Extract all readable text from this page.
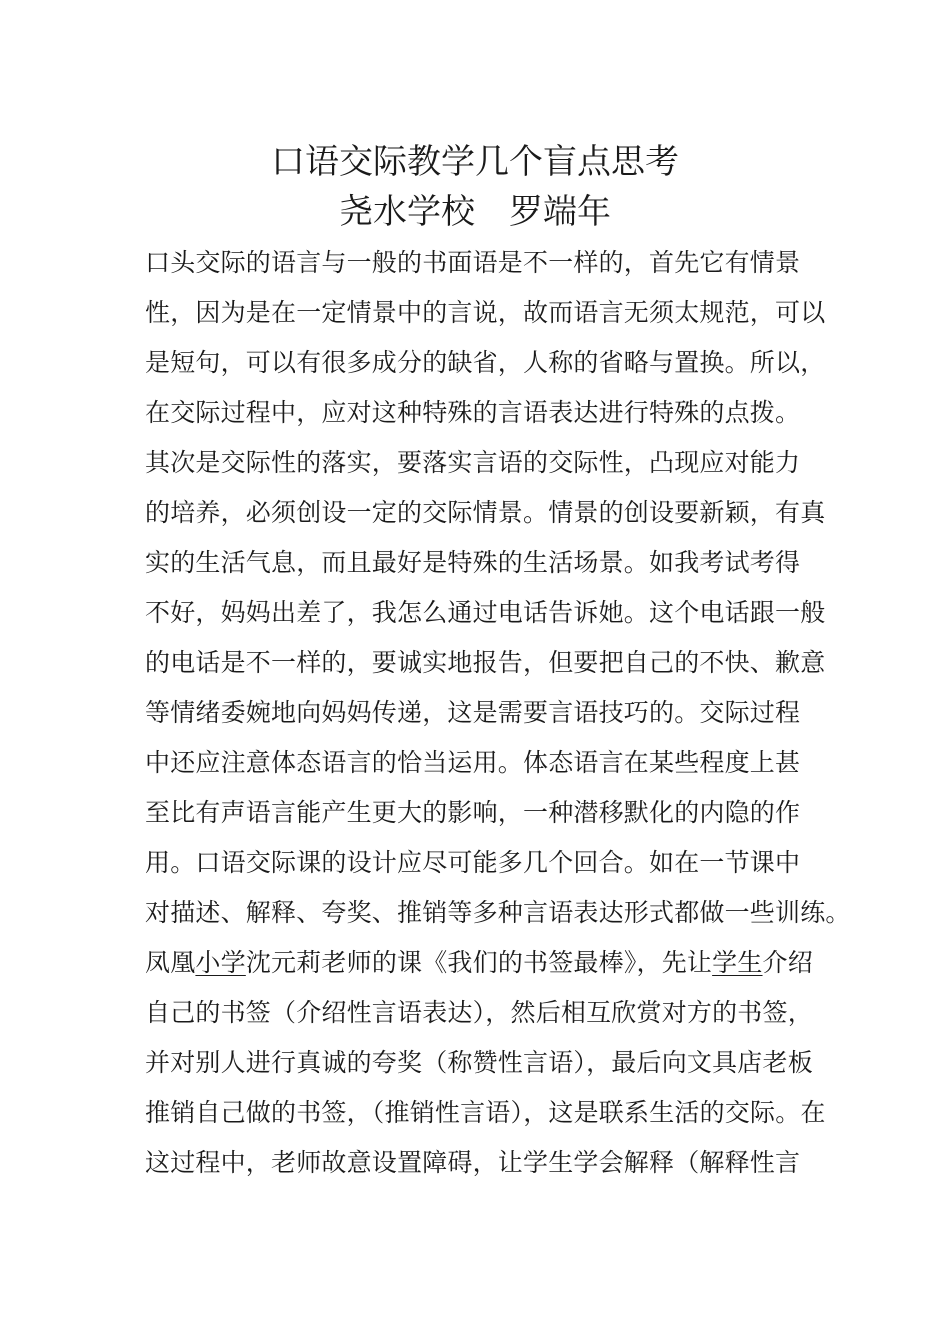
口语交际教学几个盲点思考
尧水学校　罗端年
口头交际的语言与一般的书面语是不一样的，首先它有情景
性，因为是在一定情景中的言说，故而语言无须太规范，可以
是短句，可以有很多成分的缺省，人称的省略与置换。所以，
在交际过程中，应对这种特殊的言语表达进行特殊的点拨。
其次是交际性的落实，要落实言语的交际性，凸现应对能力
的培养，必须创设一定的交际情景。情景的创设要新颖，有真
实的生活气息，而且最好是特殊的生活场景。如我考试考得
不好，妈妈出差了，我怎么通过电话告诉她。这个电话跟一般
的电话是不一样的，要诚实地报告，但要把自己的不快、歉意
等情绪委婉地向妈妈传递，这是需要言语技巧的。交际过程
中还应注意体态语言的恰当运用。体态语言在某些程度上甚
至比有声语言能产生更大的影响，一种潜移默化的内隐的作
用。口语交际课的设计应尽可能多几个回合。如在一节课中
对描述、解释、夸奖、推销等多种言语表达形式都做一些训练。
凤凰小学沈元莉老师的课《我们的书签最棒》，先让学生介绍
自己的书签（介绍性言语表达），然后相互欣赏对方的书签，
并对别人进行真诚的夸奖（称赞性言语），最后向文具店老板
推销自己做的书签，（推销性言语），这是联系生活的交际。在
这过程中，老师故意设置障碍，让学生学会解释（解释性言
